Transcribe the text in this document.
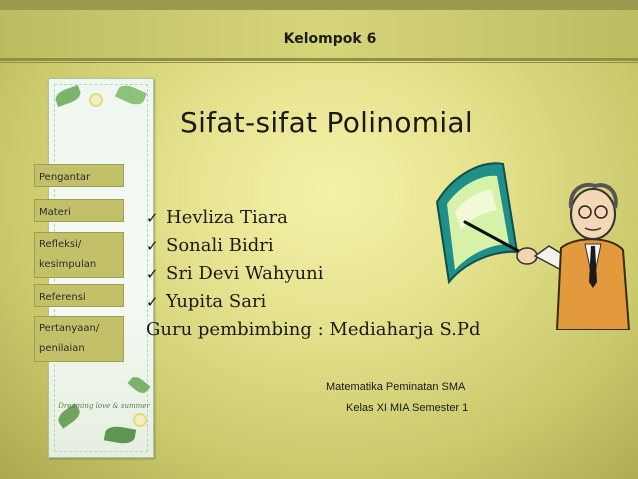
Kelompok 6
Dreaming love & summer
Pengantar
Materi
Refleksi/ kesimpulan
Referensi
Pertanyaan/ penilaian
Sifat-sifat Polinomial
✓ Hevliza Tiara
✓ Sonali Bidri
✓ Sri Devi Wahyuni
✓ Yupita Sari
Guru pembimbing : Mediaharja S.Pd
Matematika Peminatan SMA
Kelas XI MIA Semester 1
